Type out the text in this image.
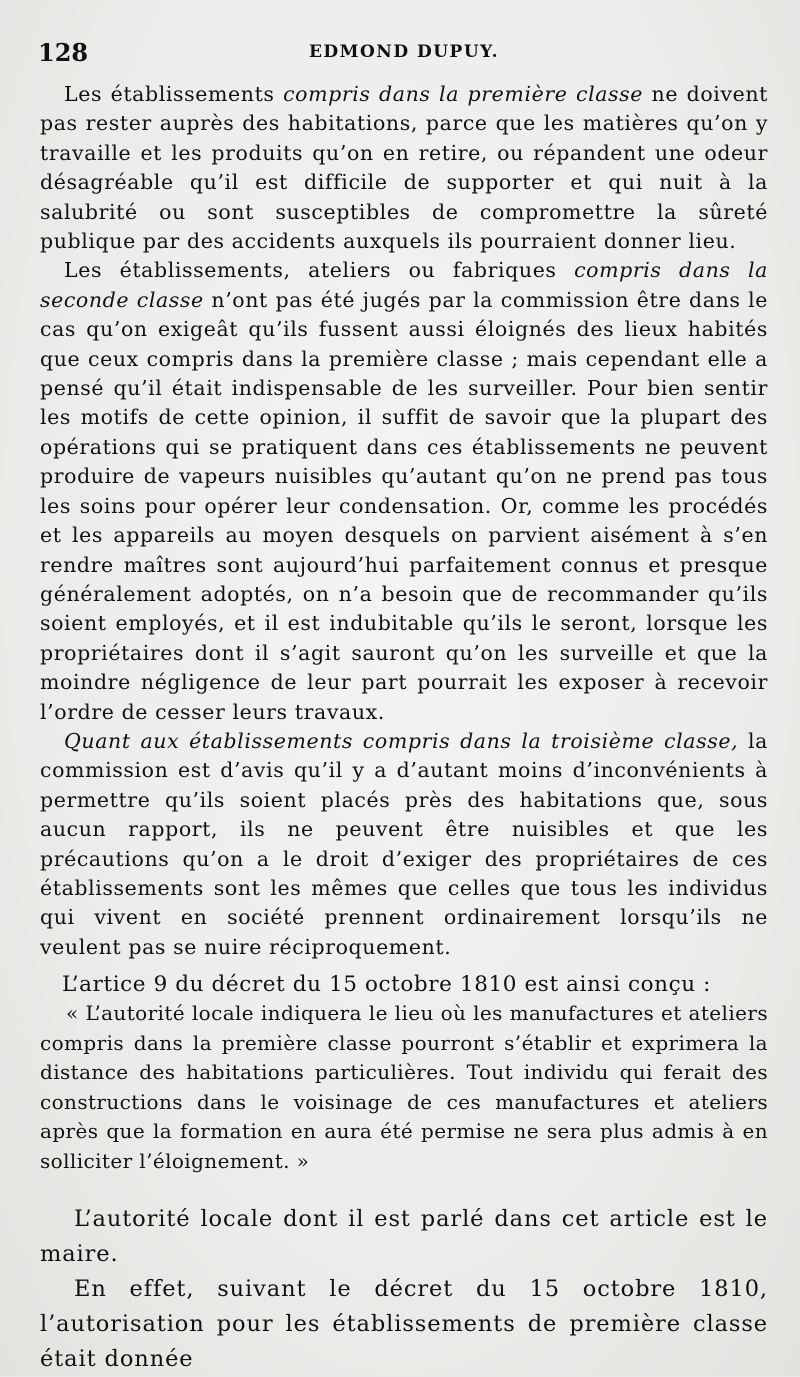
128	EDMOND DUPUY.

Les établissements compris dans la première classe ne doivent pas rester auprès des habitations, parce que les matières qu’on y travaille et les produits qu’on en retire, ou répandent une odeur désagréable qu’il est difficile de supporter et qui nuit à la salubrité ou sont susceptibles de compromettre la sûreté publique par des accidents auxquels ils pourraient donner lieu.

Les établissements, ateliers ou fabriques compris dans la seconde classe n’ont pas été jugés par la commission être dans le cas qu’on exigeât qu’ils fussent aussi éloignés des lieux habités que ceux compris dans la première classe ; mais cependant elle a pensé qu’il était indispensable de les surveiller. Pour bien sentir les motifs de cette opinion, il suffit de savoir que la plupart des opérations qui se pratiquent dans ces établissements ne peuvent produire de vapeurs nuisibles qu’autant qu’on ne prend pas tous les soins pour opérer leur condensation. Or, comme les procédés et les appareils au moyen desquels on parvient aisément à s’en rendre maîtres sont aujourd’hui parfaitement connus et presque généralement adoptés, on n’a besoin que de recommander qu’ils soient employés, et il est indubitable qu’ils le seront, lorsque les propriétaires dont il s’agit sauront qu’on les surveille et que la moindre négligence de leur part pourrait les exposer à recevoir l’ordre de cesser leurs travaux.

Quant aux établissements compris dans la troisième classe, la commission est d’avis qu’il y a d’autant moins d’inconvénients à permettre qu’ils soient placés près des habitations que, sous aucun rapport, ils ne peuvent être nuisibles et que les précautions qu’on a le droit d’exiger des propriétaires de ces établissements sont les mêmes que celles que tous les individus qui vivent en société prennent ordinairement lorsqu’ils ne veulent pas se nuire réciproquement.

L’artice 9 du décret du 15 octobre 1810 est ainsi conçu :

« L’autorité locale indiquera le lieu où les manufactures et ateliers compris dans la première classe pourront s’établir et exprimera la distance des habitations particulières. Tout individu qui ferait des constructions dans le voisinage de ces manufactures et ateliers après que la formation en aura été permise ne sera plus admis à en solliciter l’éloignement. »

L’autorité locale dont il est parlé dans cet article est le maire.

En effet, suivant le décret du 15 octobre 1810, l’autorisation pour les établissements de première classe était donnée
